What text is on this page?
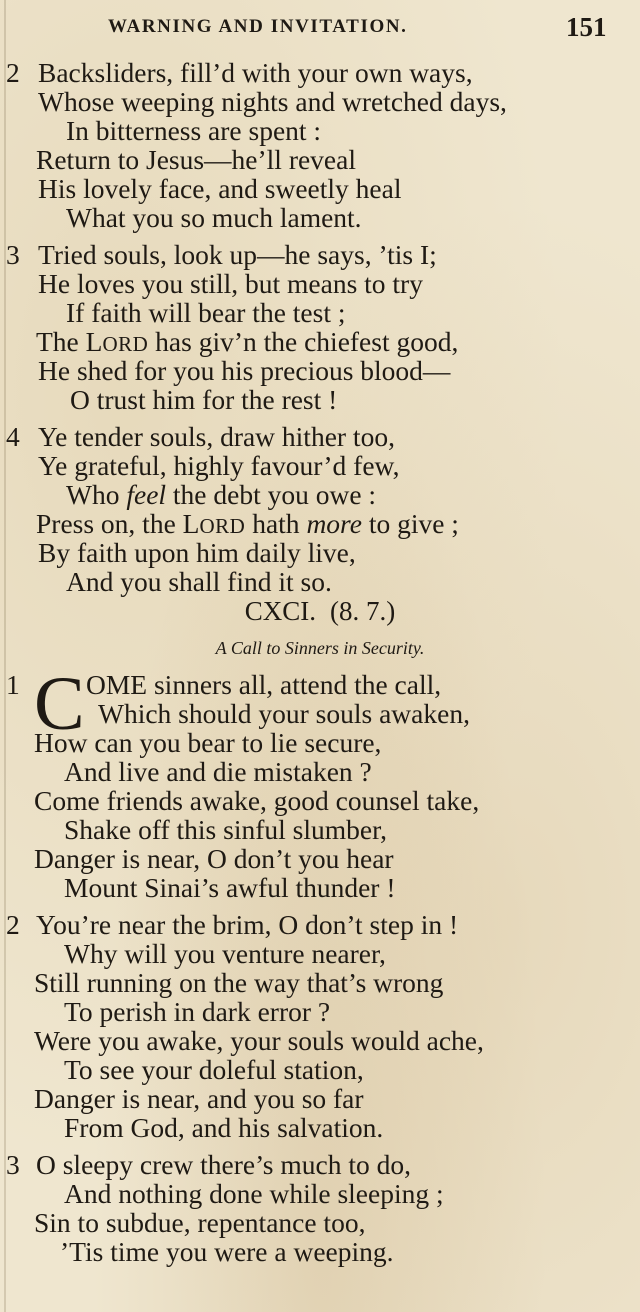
WARNING AND INVITATION.	151
2 Backsliders, fill’d with your own ways,
Whose weeping nights and wretched days,
In bitterness are spent :
Return to Jesus—he’ll reveal
His lovely face, and sweetly heal
What you so much lament.
3 Tried souls, look up—he says, ’tis I;
He loves you still, but means to try
If faith will bear the test ;
The LORD has giv’n the chiefest good,
He shed for you his precious blood—
O trust him for the rest !
4 Ye tender souls, draw hither too,
Ye grateful, highly favour’d few,
Who feel the debt you owe :
Press on, the LORD hath more to give ;
By faith upon him daily live,
And you shall find it so.
CXCI. (8. 7.)
A Call to Sinners in Security.
1 C OME sinners all, attend the call,
Which should your souls awaken,
How can you bear to lie secure,
And live and die mistaken ?
Come friends awake, good counsel take,
Shake off this sinful slumber,
Danger is near, O don’t you hear
Mount Sinai’s awful thunder !
2 You’re near the brim, O don’t step in !
Why will you venture nearer,
Still running on the way that’s wrong
To perish in dark error ?
Were you awake, your souls would ache,
To see your doleful station,
Danger is near, and you so far
From God, and his salvation.
3 O sleepy crew there’s much to do,
And nothing done while sleeping ;
Sin to subdue, repentance too,
’Tis time you were a weeping.
